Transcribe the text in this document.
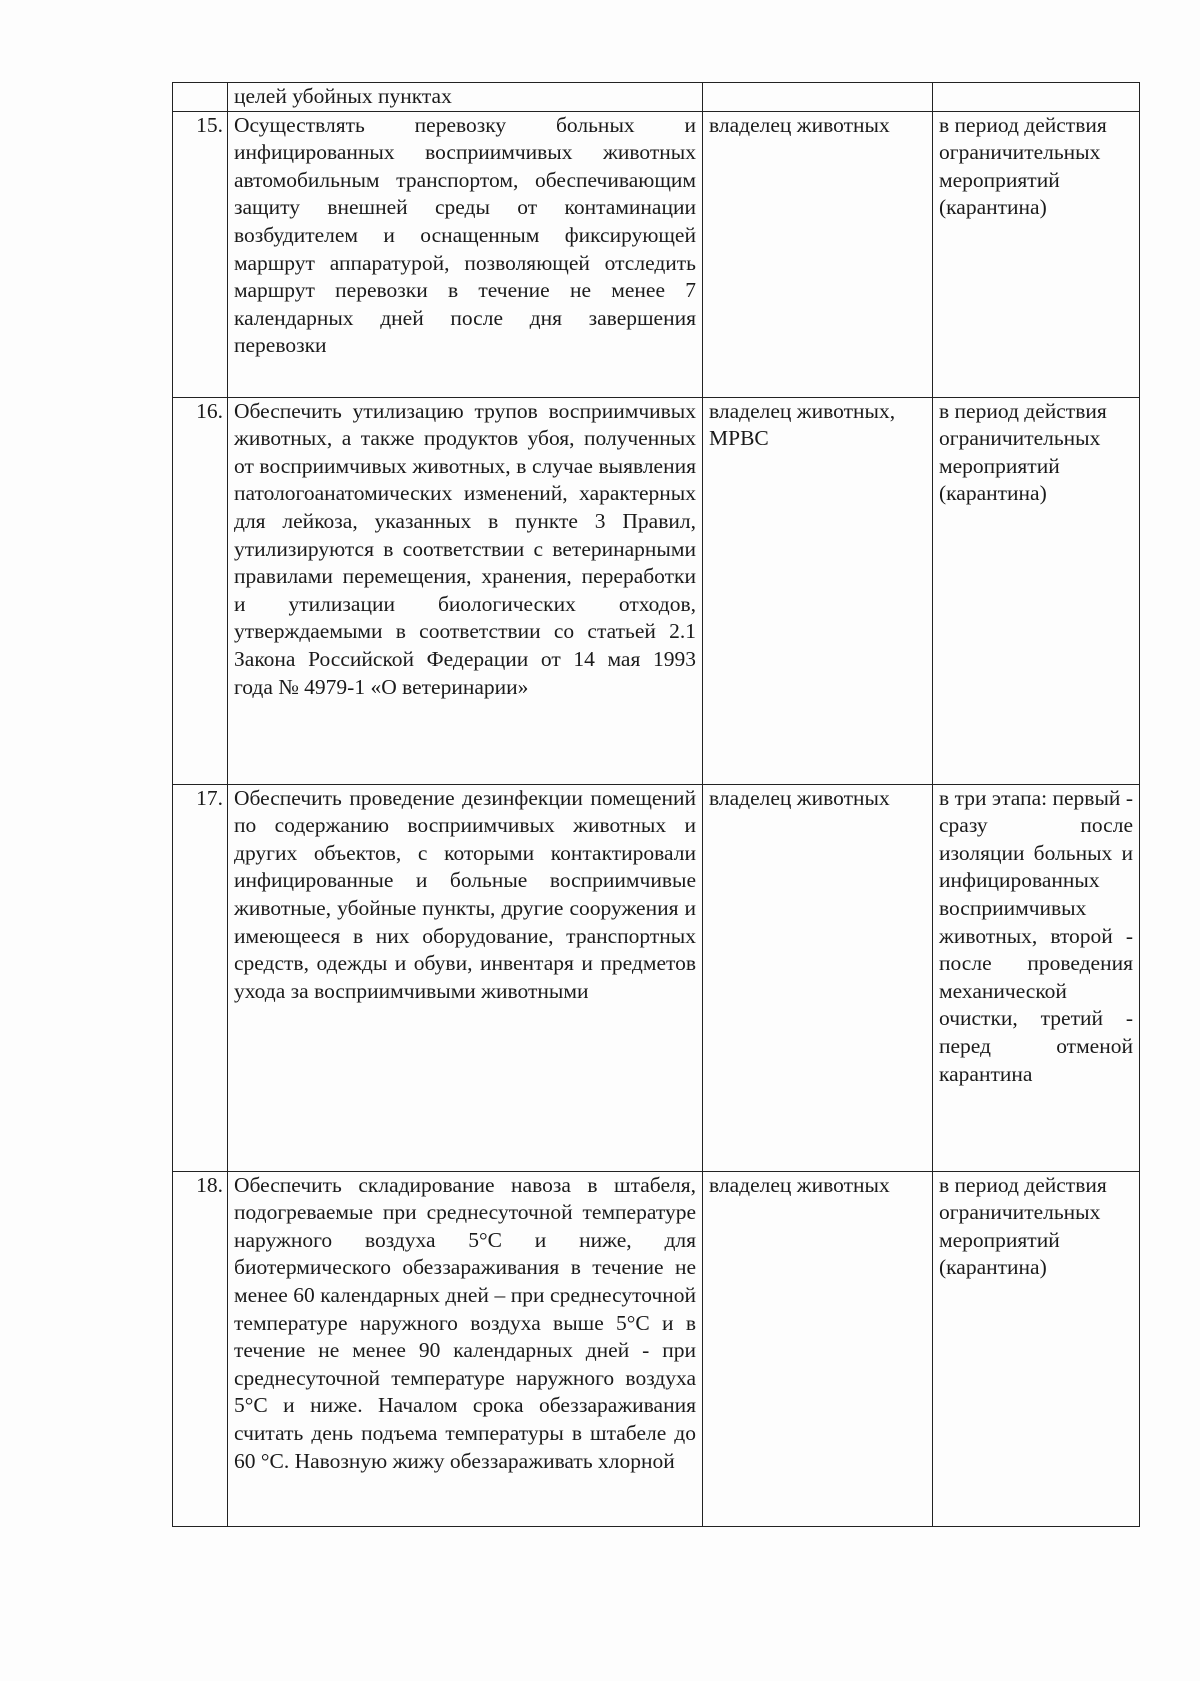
	целей убойных пунктах		
15.	Осуществлять перевозку больных и инфицированных восприимчивых животных автомобильным транспортом, обеспечивающим защиту внешней среды от контаминации возбудителем и оснащенным фиксирующей маршрут аппаратурой, позволяющей отследить маршрут перевозки в течение не менее 7 календарных дней после дня завершения перевозки	владелец животных	в период действия ограничительных мероприятий (карантина)
16.	Обеспечить утилизацию трупов восприимчивых животных, а также продуктов убоя, полученных от восприимчивых животных, в случае выявления патологоанатомических изменений, характерных для лейкоза, указанных в пункте 3 Правил, утилизируются в соответствии с ветеринарными правилами перемещения, хранения, переработки и утилизации биологических отходов, утверждаемыми в соответствии со статьей 2.1 Закона Российской Федерации от 14 мая 1993 года № 4979-1 «О ветеринарии»	владелец животных, МРВС	в период действия ограничительных мероприятий (карантина)
17.	Обеспечить проведение дезинфекции помещений по содержанию восприимчивых животных и других объектов, с которыми контактировали инфицированные и больные восприимчивые животные, убойные пункты, другие сооружения и имеющееся в них оборудование, транспортных средств, одежды и обуви, инвентаря и предметов ухода за восприимчивыми животными	владелец животных	в три этапа: первый - сразу после изоляции больных и инфицированных восприимчивых животных, второй - после проведения механической очистки, третий - перед отменой карантина
18.	Обеспечить складирование навоза в штабеля, подогреваемые при среднесуточной температуре наружного воздуха 5°С и ниже, для биотермического обеззараживания в течение не менее 60 календарных дней – при среднесуточной температуре наружного воздуха выше 5°С и в течение не менее 90 календарных дней - при среднесуточной температуре наружного воздуха 5°С и ниже. Началом срока обеззараживания считать день подъема температуры в штабеле до 60 °С. Навозную жижу обеззараживать хлорной	владелец животных	в период действия ограничительных мероприятий (карантина)
